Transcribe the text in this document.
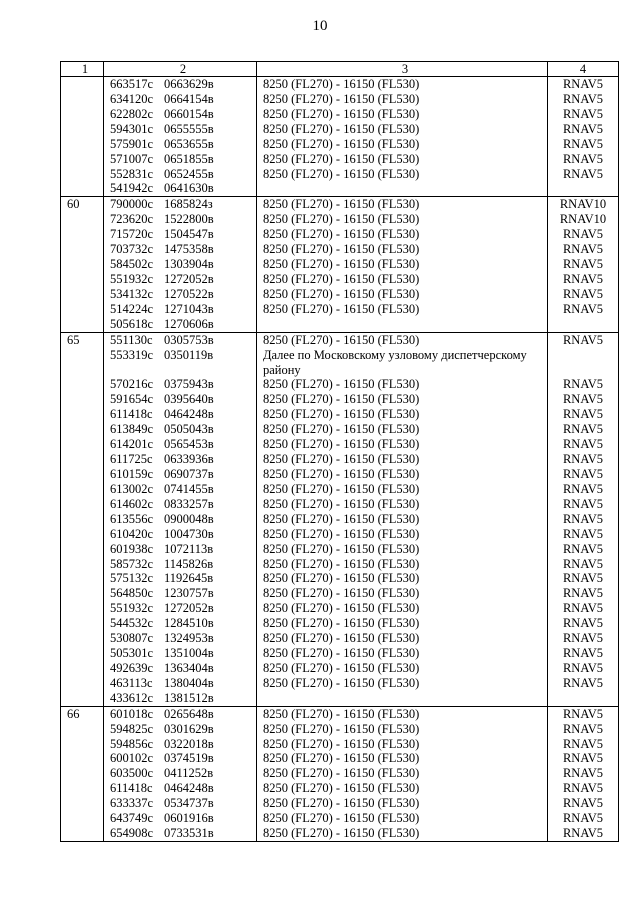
10
1	2	3	4
	663517с 0663629в	8250 (FL270) - 16150 (FL530)	RNAV5
	634120с 0664154в	8250 (FL270) - 16150 (FL530)	RNAV5
	622802с 0660154в	8250 (FL270) - 16150 (FL530)	RNAV5
	594301с 0655555в	8250 (FL270) - 16150 (FL530)	RNAV5
	575901с 0653655в	8250 (FL270) - 16150 (FL530)	RNAV5
	571007с 0651855в	8250 (FL270) - 16150 (FL530)	RNAV5
	552831с 0652455в	8250 (FL270) - 16150 (FL530)	RNAV5
	541942с 0641630в		
60	790000с 1685824з	8250 (FL270) - 16150 (FL530)	RNAV10
	723620с 1522800в	8250 (FL270) - 16150 (FL530)	RNAV10
	715720с 1504547в	8250 (FL270) - 16150 (FL530)	RNAV5
	703732с 1475358в	8250 (FL270) - 16150 (FL530)	RNAV5
	584502с 1303904в	8250 (FL270) - 16150 (FL530)	RNAV5
	551932с 1272052в	8250 (FL270) - 16150 (FL530)	RNAV5
	534132с 1270522в	8250 (FL270) - 16150 (FL530)	RNAV5
	514224с 1271043в	8250 (FL270) - 16150 (FL530)	RNAV5
	505618с 1270606в		
65	551130с 0305753в	8250 (FL270) - 16150 (FL530)	RNAV5
	553319с 0350119в	Далее по Московскому узловому диспетчерскому району	
	570216с 0375943в	8250 (FL270) - 16150 (FL530)	RNAV5
	591654с 0395640в	8250 (FL270) - 16150 (FL530)	RNAV5
	611418с 0464248в	8250 (FL270) - 16150 (FL530)	RNAV5
	613849с 0505043в	8250 (FL270) - 16150 (FL530)	RNAV5
	614201с 0565453в	8250 (FL270) - 16150 (FL530)	RNAV5
	611725с 0633936в	8250 (FL270) - 16150 (FL530)	RNAV5
	610159с 0690737в	8250 (FL270) - 16150 (FL530)	RNAV5
	613002с 0741455в	8250 (FL270) - 16150 (FL530)	RNAV5
	614602с 0833257в	8250 (FL270) - 16150 (FL530)	RNAV5
	613556с 0900048в	8250 (FL270) - 16150 (FL530)	RNAV5
	610420с 1004730в	8250 (FL270) - 16150 (FL530)	RNAV5
	601938с 1072113в	8250 (FL270) - 16150 (FL530)	RNAV5
	585732с 1145826в	8250 (FL270) - 16150 (FL530)	RNAV5
	575132с 1192645в	8250 (FL270) - 16150 (FL530)	RNAV5
	564850с 1230757в	8250 (FL270) - 16150 (FL530)	RNAV5
	551932с 1272052в	8250 (FL270) - 16150 (FL530)	RNAV5
	544532с 1284510в	8250 (FL270) - 16150 (FL530)	RNAV5
	530807с 1324953в	8250 (FL270) - 16150 (FL530)	RNAV5
	505301с 1351004в	8250 (FL270) - 16150 (FL530)	RNAV5
	492639с 1363404в	8250 (FL270) - 16150 (FL530)	RNAV5
	463113с 1380404в	8250 (FL270) - 16150 (FL530)	RNAV5
	433612с 1381512в		
66	601018с 0265648в	8250 (FL270) - 16150 (FL530)	RNAV5
	594825с 0301629в	8250 (FL270) - 16150 (FL530)	RNAV5
	594856с 0322018в	8250 (FL270) - 16150 (FL530)	RNAV5
	600102с 0374519в	8250 (FL270) - 16150 (FL530)	RNAV5
	603500с 0411252в	8250 (FL270) - 16150 (FL530)	RNAV5
	611418с 0464248в	8250 (FL270) - 16150 (FL530)	RNAV5
	633337с 0534737в	8250 (FL270) - 16150 (FL530)	RNAV5
	643749с 0601916в	8250 (FL270) - 16150 (FL530)	RNAV5
	654908с 0733531в	8250 (FL270) - 16150 (FL530)	RNAV5
